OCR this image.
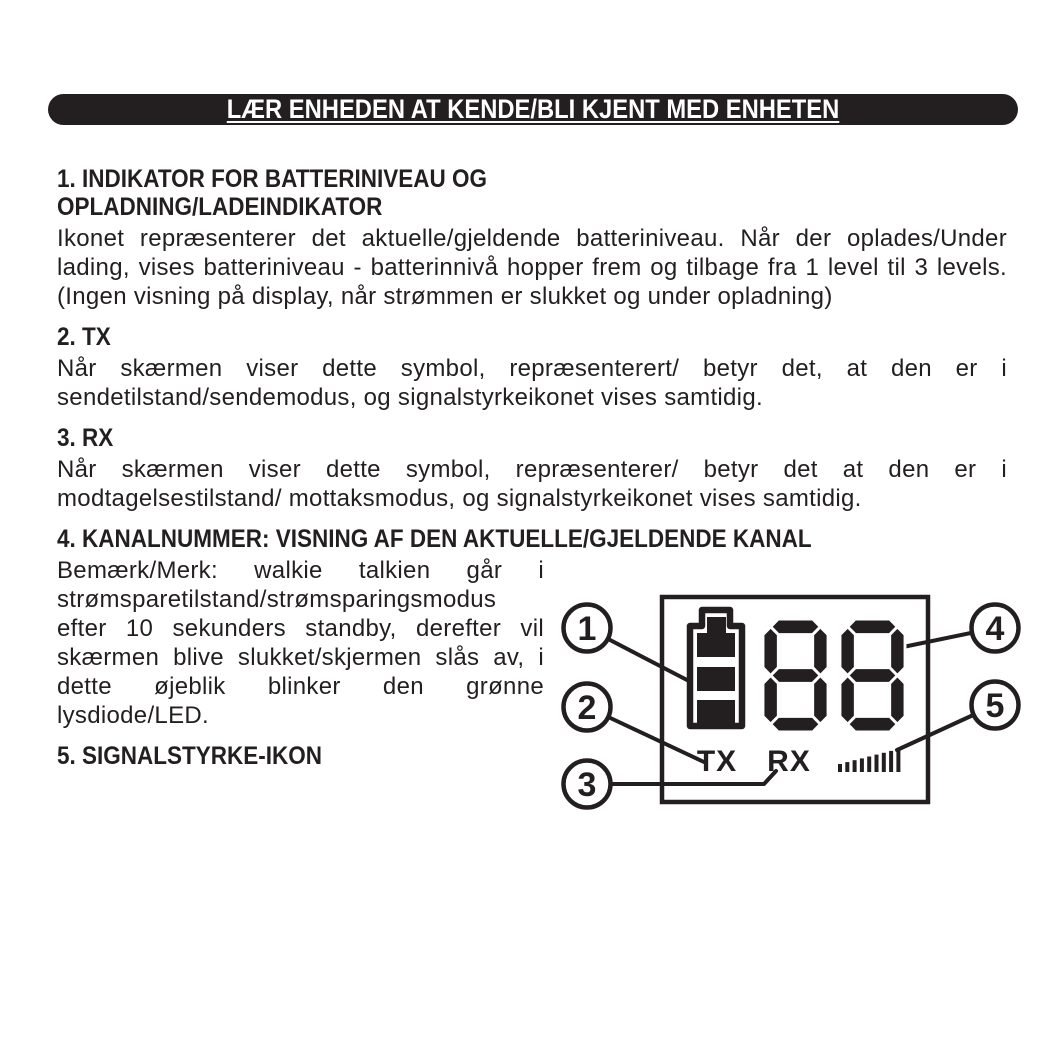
LÆR ENHEDEN AT KENDE/BLI KJENT MED ENHETEN
1. INDIKATOR FOR BATTERINIVEAU OG
OPLADNING/LADEINDIKATOR

Ikonet repræsenterer det aktuelle/gjeldende batteriniveau. Når der oplades/Under lading, vises batteriniveau - batterinnivå hopper frem og tilbage fra 1 level til 3 levels. (Ingen visning på display, når strømmen er slukket og under opladning)

2. TX

Når skærmen viser dette symbol, repræsenterert/ betyr det, at den er i sendetilstand/sendemodus, og signalstyrkeikonet vises samtidig.

3. RX

Når skærmen viser dette symbol, repræsenterer/ betyr det at den er i modtagelsestilstand/ mottaksmodus, og signalstyrkeikonet vises samtidig.

4. KANALNUMMER: VISNING AF DEN AKTUELLE/GJELDENDE KANAL
TX RX
1
2
3
4
5

Bemærk/Merk: walkie talkien går i strømsparetilstand/strømsparingsmodus efter 10 sekunders standby, derefter vil skærmen blive slukket/skjermen slås av, i dette øjeblik blinker den grønne lysdiode/LED.

5. SIGNALSTYRKE-IKON
